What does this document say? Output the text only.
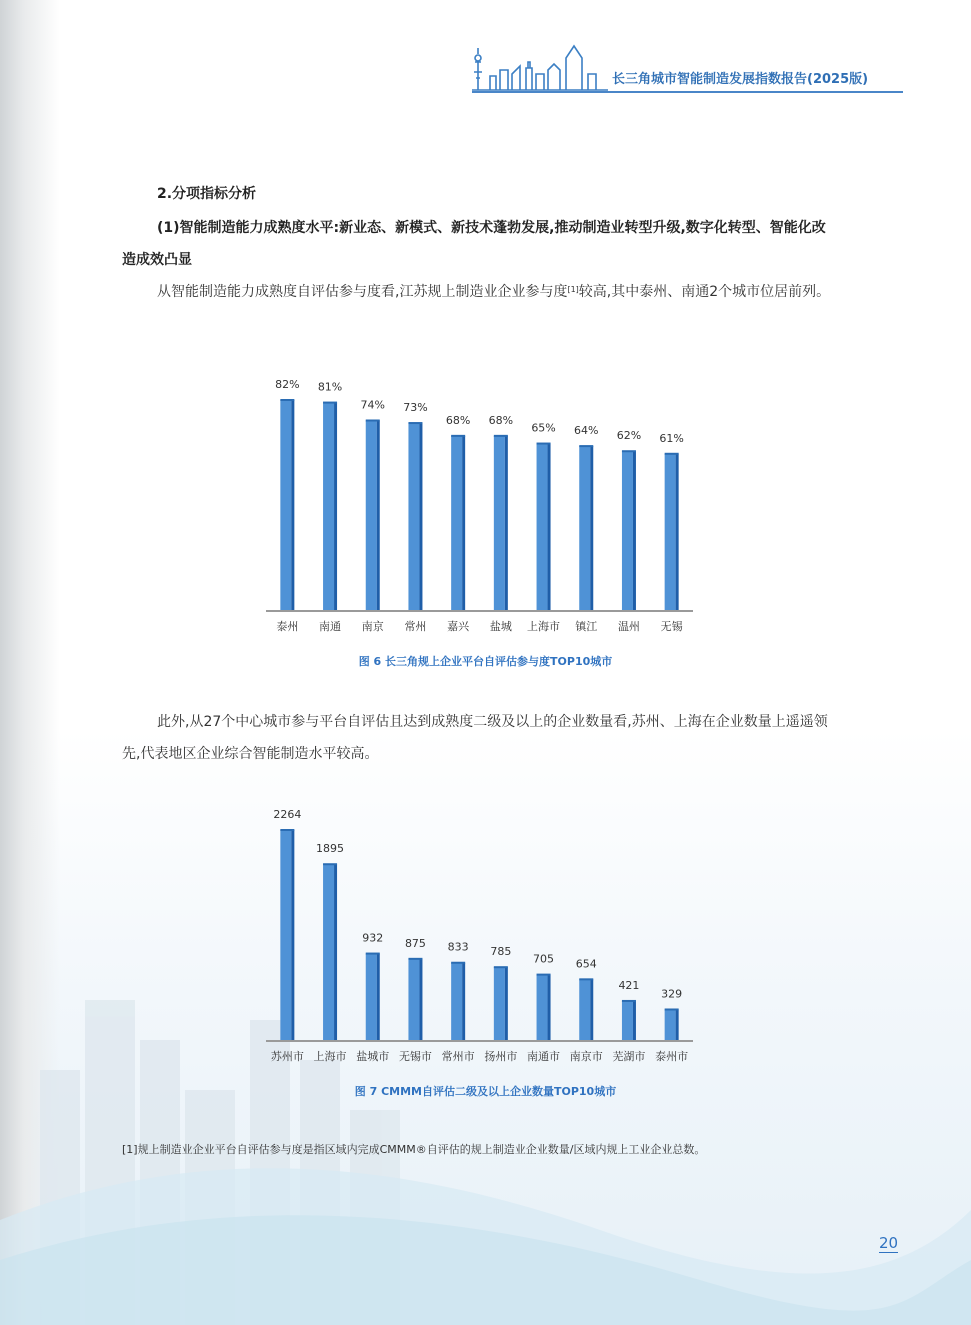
长三角城市智能制造发展指数报告(2025版)
2.分项指标分析
(1)智能制造能力成熟度水平:新业态、新模式、新技术蓬勃发展,推动制造业转型升级,数字化转型、智能化改造成效凸显
从智能制造能力成熟度自评估参与度看,江苏规上制造业企业参与度[1]较高,其中泰州、南通2个城市位居前列。
82%
泰州
81%
南通
74%
南京
73%
常州
68%
嘉兴
68%
盐城
65%
上海市
64%
镇江
62%
温州
61%
无锡
图 6 长三角规上企业平台自评估参与度TOP10城市
此外,从27个中心城市参与平台自评估且达到成熟度二级及以上的企业数量看,苏州、上海在企业数量上遥遥领先,代表地区企业综合智能制造水平较高。
2264
苏州市
1895
上海市
932
盐城市
875
无锡市
833
常州市
785
扬州市
705
南通市
654
南京市
421
芜湖市
329
泰州市
图 7 CMMM自评估二级及以上企业数量TOP10城市
[1]规上制造业企业平台自评估参与度是指区域内完成CMMM®自评估的规上制造业企业数量/区域内规上工业企业总数。
20
